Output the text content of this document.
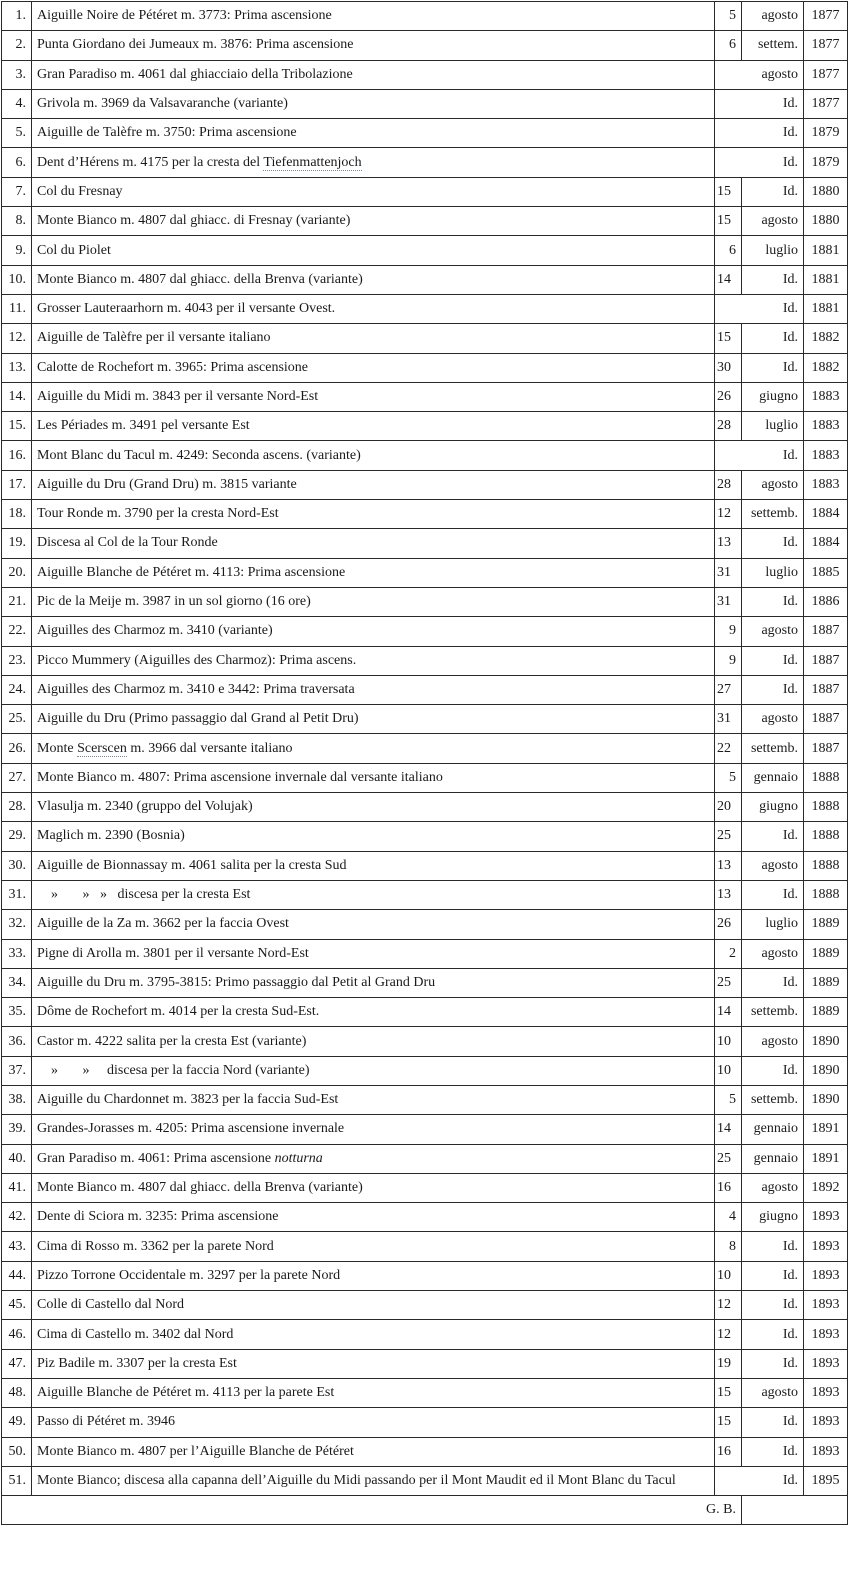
1.	Aiguille Noire de Pétéret m. 3773: Prima ascensione	5	agosto	1877
2.	Punta Giordano dei Jumeaux m. 3876: Prima ascensione	6	settem.	1877
3.	Gran Paradiso m. 4061 dal ghiacciaio della Tribolazione	agosto		1877
4.	Grivola m. 3969 da Valsavaranche (variante)	Id.		1877
5.	Aiguille de Talèfre m. 3750: Prima ascensione	Id.		1879
6.	Dent d’Hérens m. 4175 per la cresta del Tiefenmattenjoch	Id.		1879
7.	Col du Fresnay	15	Id.	1880
8.	Monte Bianco m. 4807 dal ghiacc. di Fresnay (variante)	15	agosto	1880
9.	Col du Piolet	6	luglio	1881
10.	Monte Bianco m. 4807 dal ghiacc. della Brenva (variante)	14	Id.	1881
11.	Grosser Lauteraarhorn m. 4043 per il versante Ovest.	Id.		1881
12.	Aiguille de Talèfre per il versante italiano	15	Id.	1882
13.	Calotte de Rochefort m. 3965: Prima ascensione	30	Id.	1882
14.	Aiguille du Midi m. 3843 per il versante Nord-Est	26	giugno	1883
15.	Les Périades m. 3491 pel versante Est	28	luglio	1883
16.	Mont Blanc du Tacul m. 4249: Seconda ascens. (variante)	Id.		1883
17.	Aiguille du Dru (Grand Dru) m. 3815 variante	28	agosto	1883
18.	Tour Ronde m. 3790 per la cresta Nord-Est	12	settemb.	1884
19.	Discesa al Col de la Tour Ronde	13	Id.	1884
20.	Aiguille Blanche de Pétéret m. 4113: Prima ascensione	31	luglio	1885
21.	Pic de la Meije m. 3987 in un sol giorno (16 ore)	31	Id.	1886
22.	Aiguilles des Charmoz m. 3410 (variante)	9	agosto	1887
23.	Picco Mummery (Aiguilles des Charmoz): Prima ascens.	9	Id.	1887
24.	Aiguilles des Charmoz m. 3410 e 3442: Prima traversata	27	Id.	1887
25.	Aiguille du Dru (Primo passaggio dal Grand al Petit Dru)	31	agosto	1887
26.	Monte Scerscen m. 3966 dal versante italiano	22	settemb.	1887
27.	Monte Bianco m. 4807: Prima ascensione invernale dal versante italiano	5	gennaio	1888
28.	Vlasulja m. 2340 (gruppo del Volujak)	20	giugno	1888
29.	Maglich m. 2390 (Bosnia)	25	Id.	1888
30.	Aiguille de Bionnassay m. 4061 salita per la cresta Sud	13	agosto	1888
31.	»       »   »   discesa per la cresta Est	13	Id.	1888
32.	Aiguille de la Za m. 3662 per la faccia Ovest	26	luglio	1889
33.	Pigne di Arolla m. 3801 per il versante Nord-Est	2	agosto	1889
34.	Aiguille du Dru m. 3795-3815: Primo passaggio dal Petit al Grand Dru	25	Id.	1889
35.	Dôme de Rochefort m. 4014 per la cresta Sud-Est.	14	settemb.	1889
36.	Castor m. 4222 salita per la cresta Est (variante)	10	agosto	1890
37.	»       »     discesa per la faccia Nord (variante)	10	Id.	1890
38.	Aiguille du Chardonnet m. 3823 per la faccia Sud-Est	5	settemb.	1890
39.	Grandes-Jorasses m. 4205: Prima ascensione invernale	14	gennaio	1891
40.	Gran Paradiso m. 4061: Prima ascensione notturna	25	gennaio	1891
41.	Monte Bianco m. 4807 dal ghiacc. della Brenva (variante)	16	agosto	1892
42.	Dente di Sciora m. 3235: Prima ascensione	4	giugno	1893
43.	Cima di Rosso m. 3362 per la parete Nord	8	Id.	1893
44.	Pizzo Torrone Occidentale m. 3297 per la parete Nord	10	Id.	1893
45.	Colle di Castello dal Nord	12	Id.	1893
46.	Cima di Castello m. 3402 dal Nord	12	Id.	1893
47.	Piz Badile m. 3307 per la cresta Est	19	Id.	1893
48.	Aiguille Blanche de Pétéret m. 4113 per la parete Est	15	agosto	1893
49.	Passo di Pétéret m. 3946	15	Id.	1893
50.	Monte Bianco m. 4807 per l’Aiguille Blanche de Pétéret	16	Id.	1893
51.	Monte Bianco; discesa alla capanna dell’Aiguille du Midi passando per il Mont Maudit ed il Mont Blanc du Tacul	Id.		1895
G. B.				
